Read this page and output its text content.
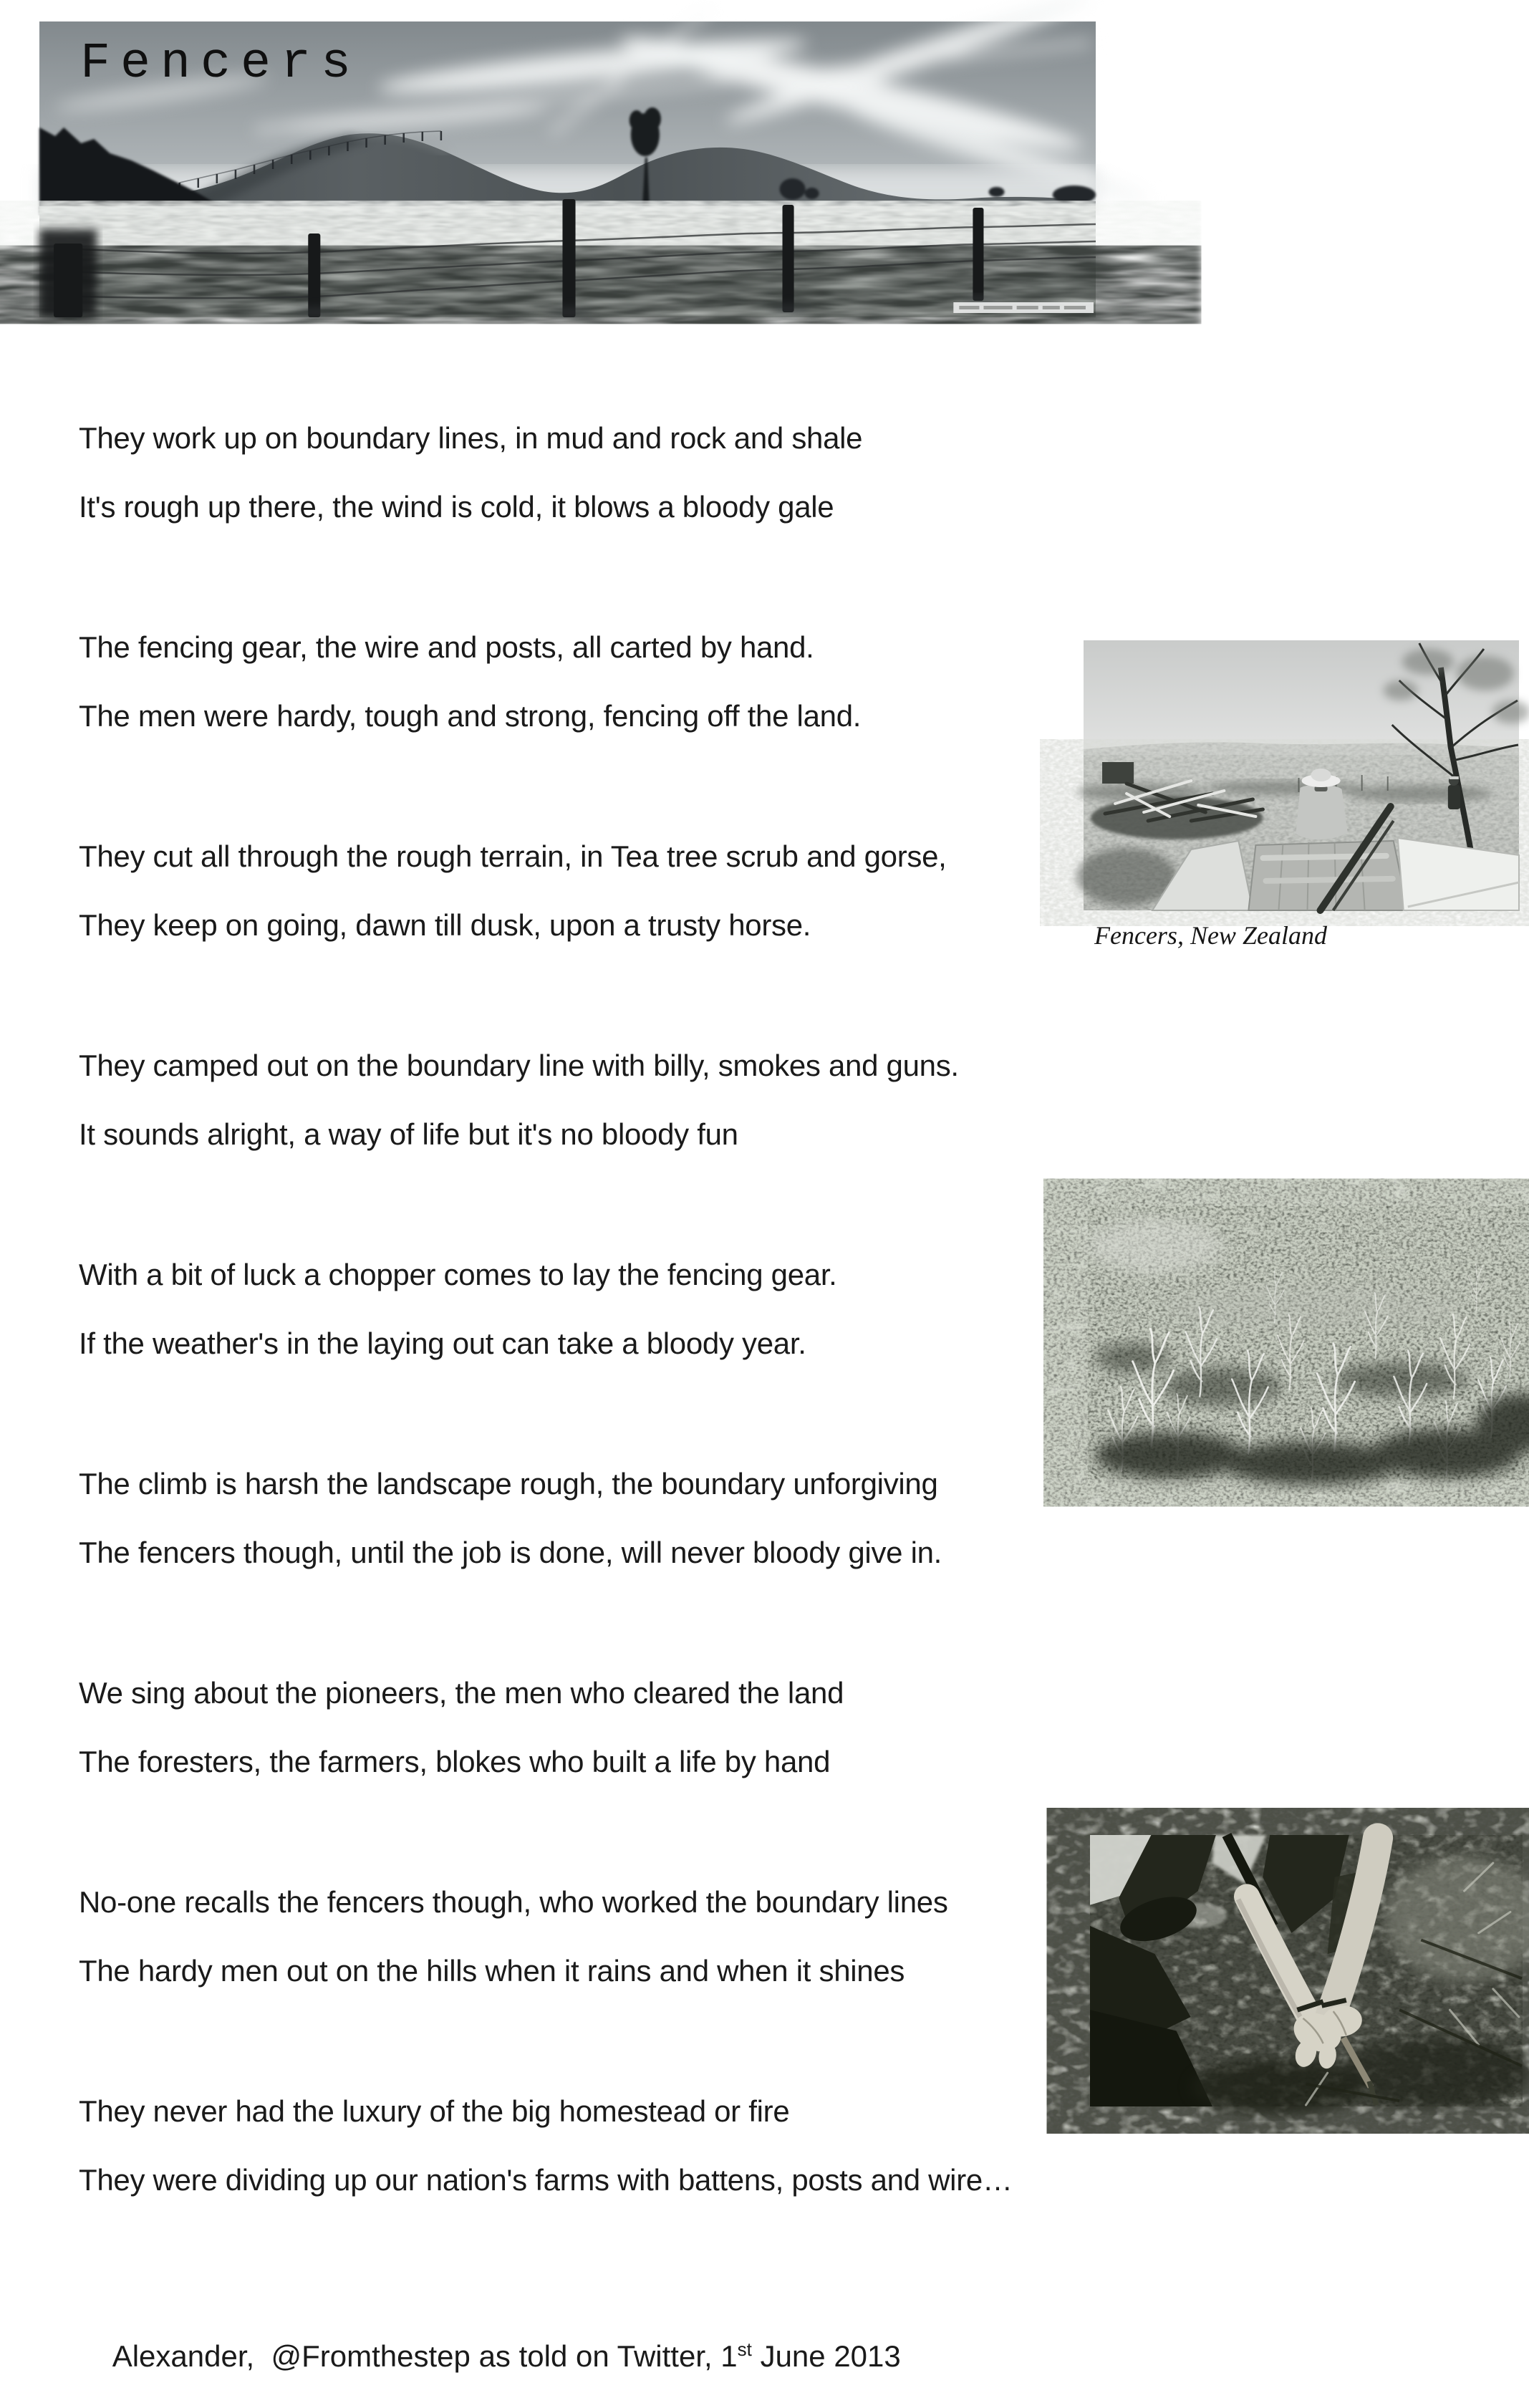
Fencers
They work up on boundary lines, in mud and rock and shale
It's rough up there, the wind is cold, it blows a bloody gale
The fencing gear, the wire and posts, all carted by hand.
The men were hardy, tough and strong, fencing off the land.
They cut all through the rough terrain, in Tea tree scrub and gorse,
They keep on going, dawn till dusk, upon a trusty horse.
They camped out on the boundary line with billy, smokes and guns.
It sounds alright, a way of life but it's no bloody fun
With a bit of luck a chopper comes to lay the fencing gear.
If the weather's in the laying out can take a bloody year.
The climb is harsh the landscape rough, the boundary unforgiving
The fencers though, until the job is done, will never bloody give in.
We sing about the pioneers, the men who cleared the land
The foresters, the farmers, blokes who built a life by hand
No-one recalls the fencers though, who worked the boundary lines
The hardy men out on the hills when it rains and when it shines
They never had the luxury of the big homestead or fire
They were dividing up our nation's farms with battens, posts and wire…
Fencers, New Zealand

Alexander,  @Fromthestep as told on Twitter, 1st June 2013
